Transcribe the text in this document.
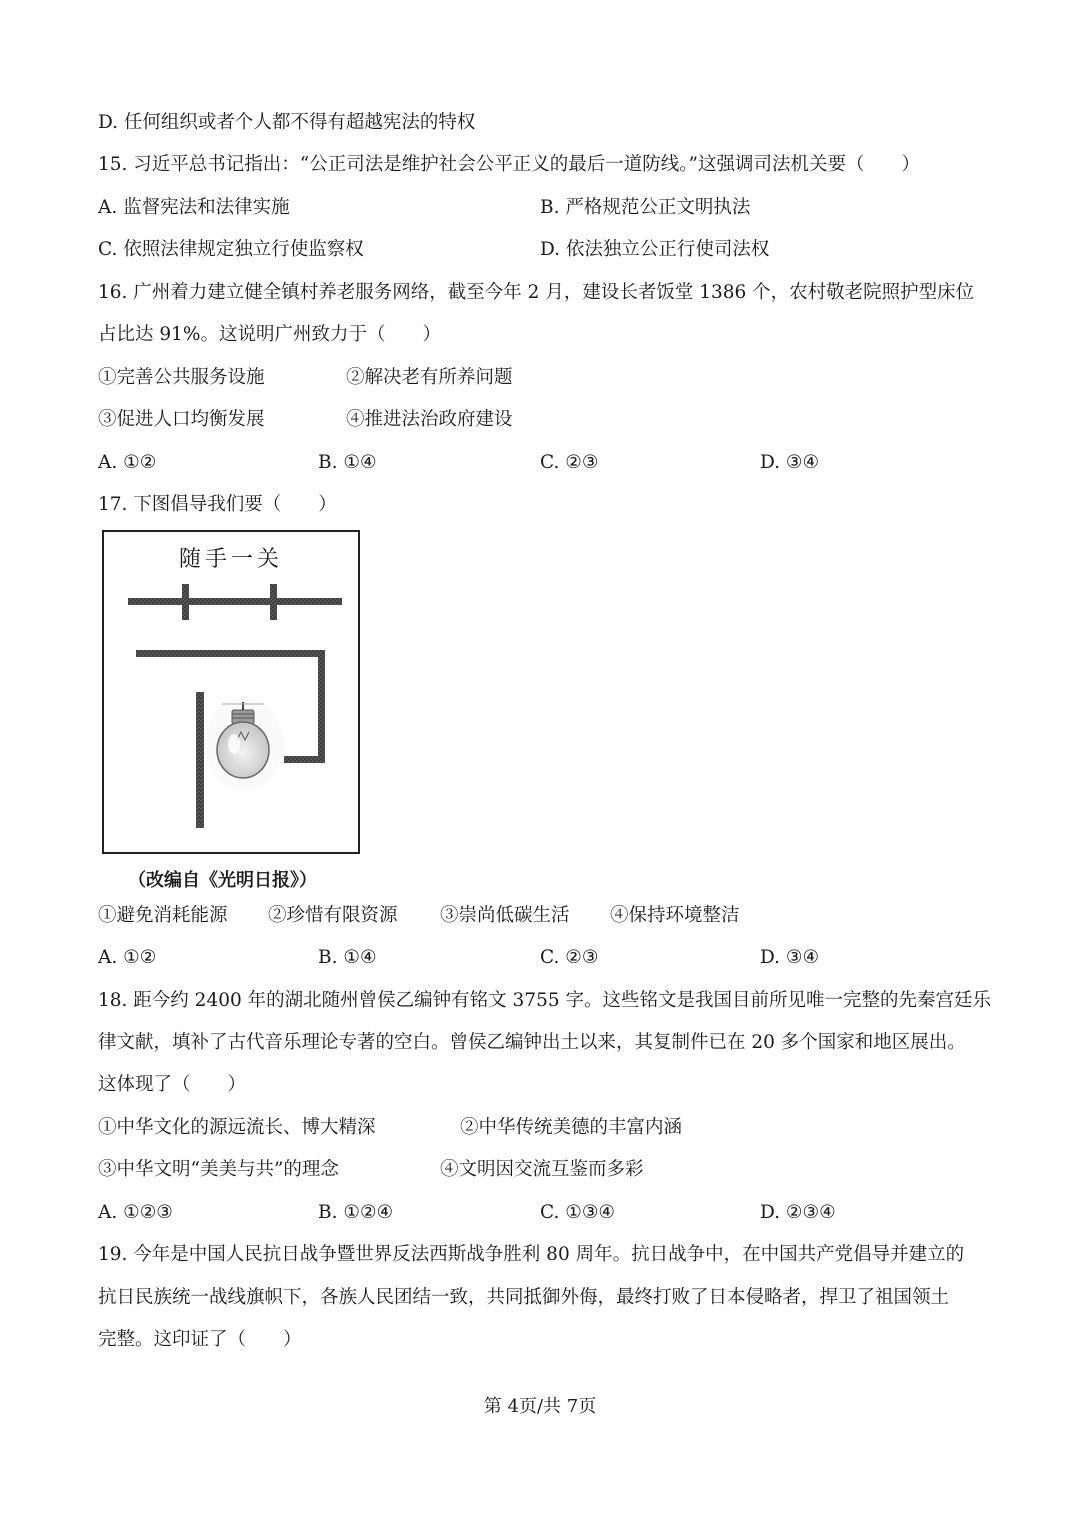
D. 任何组织或者个人都不得有超越宪法的特权
15. 习近平总书记指出：“公正司法是维护社会公平正义的最后一道防线。”这强调司法机关要（　　）
A. 监督宪法和法律实施	B. 严格规范公正文明执法
C. 依照法律规定独立行使监察权	D. 依法独立公正行使司法权
16. 广州着力建立健全镇村养老服务网络，截至今年 2 月，建设长者饭堂 1386 个，农村敬老院照护型床位
占比达 91%。这说明广州致力于（　　）
①完善公共服务设施	②解决老有所养问题
③促进人口均衡发展	④推进法治政府建设
A. ①②	B. ①④	C. ②③	D. ③④
17. 下图倡导我们要（　　）
随手一关
（改编自《光明日报》）
①避免消耗能源 ②珍惜有限资源 ③崇尚低碳生活 ④保持环境整洁
A. ①②	B. ①④	C. ②③	D. ③④
18. 距今约 2400 年的湖北随州曾侯乙编钟有铭文 3755 字。这些铭文是我国目前所见唯一完整的先秦宫廷乐
律文献，填补了古代音乐理论专著的空白。曾侯乙编钟出土以来，其复制件已在 20 多个国家和地区展出。
这体现了（　　）
①中华文化的源远流长、博大精深	②中华传统美德的丰富内涵
③中华文明“美美与共”的理念	④文明因交流互鉴而多彩
A. ①②③	B. ①②④	C. ①③④	D. ②③④
19. 今年是中国人民抗日战争暨世界反法西斯战争胜利 80 周年。抗日战争中，在中国共产党倡导并建立的
抗日民族统一战线旗帜下，各族人民团结一致，共同抵御外侮，最终打败了日本侵略者，捍卫了祖国领土
完整。这印证了（　　）
第 4页/共 7页
